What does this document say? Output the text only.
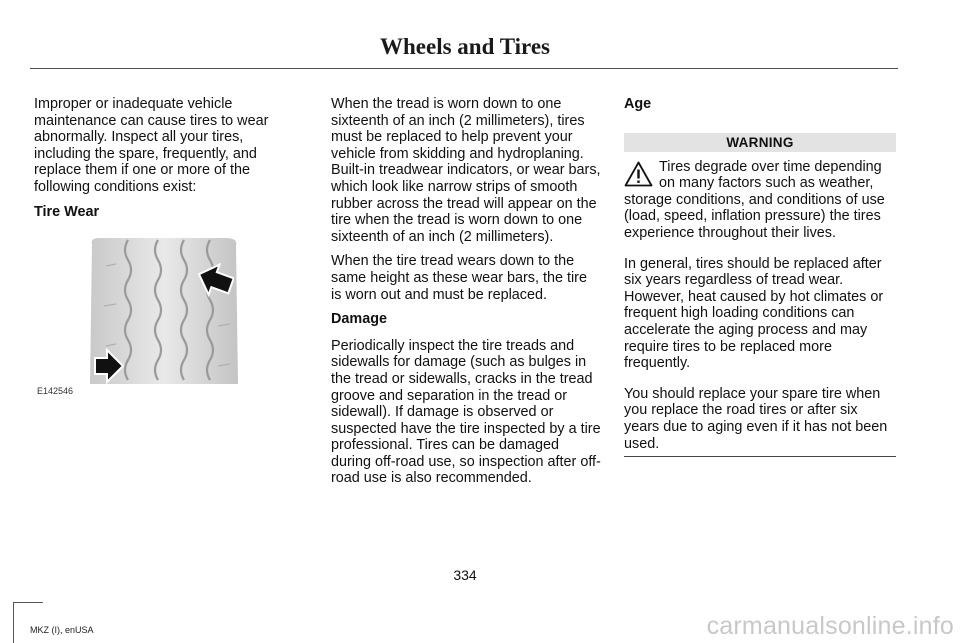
Wheels and Tires

Improper or inadequate vehicle maintenance can cause tires to wear abnormally. Inspect all your tires, including the spare, frequently, and replace them if one or more of the following conditions exist:

Tire Wear
E142546

When the tread is worn down to one sixteenth of an inch (2 millimeters), tires must be replaced to help prevent your vehicle from skidding and hydroplaning. Built-in treadwear indicators, or wear bars, which look like narrow strips of smooth rubber across the tread will appear on the tire when the tread is worn down to one sixteenth of an inch (2 millimeters).

When the tire tread wears down to the same height as these wear bars, the tire is worn out and must be replaced.

Damage

Periodically inspect the tire treads and sidewalls for damage (such as bulges in the tread or sidewalls, cracks in the tread groove and separation in the tread or sidewall). If damage is observed or suspected have the tire inspected by a tire professional. Tires can be damaged during off-road use, so inspection after off-road use is also recommended.

Age
WARNING

Tires degrade over time depending on many factors such as weather,

storage conditions, and conditions of use (load, speed, inflation pressure) the tires experience throughout their lives.

In general, tires should be replaced after six years regardless of tread wear. However, heat caused by hot climates or frequent high loading conditions can accelerate the aging process and may require tires to be replaced more frequently.

You should replace your spare tire when you replace the road tires or after six years due to aging even if it has not been used.

334
MKZ (I), enUSA	carmanualsonline.info
